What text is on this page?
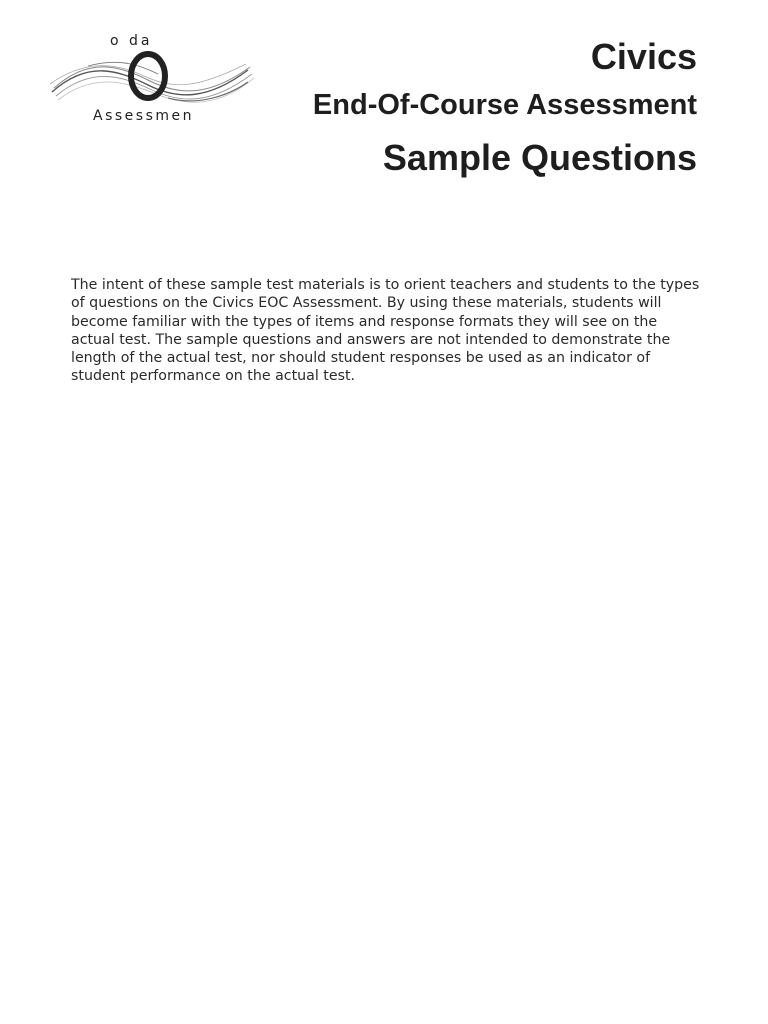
o da
Assessmen
Civics
End-Of-Course Assessment
Sample Questions

The intent of these sample test materials is to orient teachers and students to the types of questions on the Civics EOC Assessment. By using these materials, students will become familiar with the types of items and response formats they will see on the actual test. The sample questions and answers are not intended to demonstrate the length of the actual test, nor should student responses be used as an indicator of student performance on the actual test.
